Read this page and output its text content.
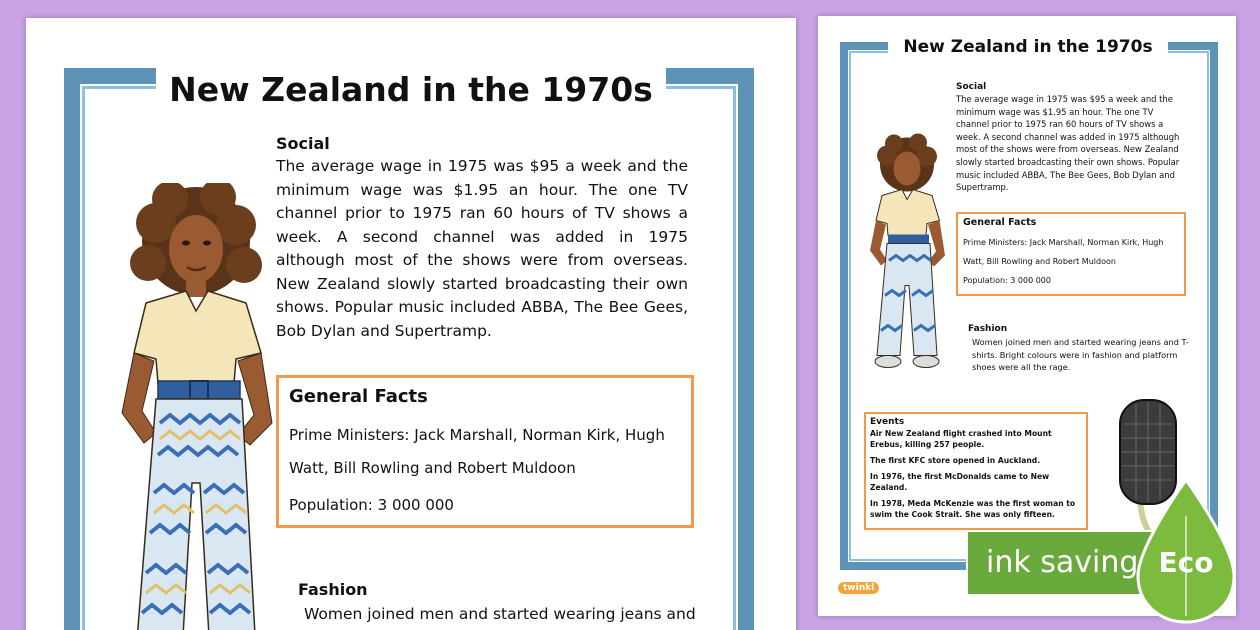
New Zealand in the 1970s
Social
The average wage in 1975 was $95 a week and the minimum wage was $1.95 an hour. The one TV channel prior to 1975 ran 60 hours of TV shows a week. A second channel was added in 1975 although most of the shows were from overseas. New Zealand slowly started broadcasting their own shows. Popular music included ABBA, The Bee Gees, Bob Dylan and Supertramp.
General Facts
Prime Ministers: Jack Marshall, Norman Kirk, Hugh
Watt, Bill Rowling and Robert Muldoon
Population: 3 000 000
Fashion
Women joined men and started wearing jeans and
New Zealand in the 1970s
Social
The average wage in 1975 was $95 a week and the minimum wage was $1.95 an hour. The one TV channel prior to 1975 ran 60 hours of TV shows a week. A second channel was added in 1975 although most of the shows were from overseas. New Zealand slowly started broadcasting their own shows. Popular music included ABBA, The Bee Gees, Bob Dylan and Supertramp.
General Facts
Prime Ministers: Jack Marshall, Norman Kirk, Hugh
Watt, Bill Rowling and Robert Muldoon
Population: 3 000 000
Fashion
Women joined men and started wearing jeans and T-shirts. Bright colours were in fashion and platform shoes were all the rage.
Events
Air New Zealand flight crashed into Mount Erebus, killing 257 people.
The first KFC store opened in Auckland.
In 1976, the first McDonalds came to New Zealand.
In 1978, Meda McKenzie was the first woman to swim the Cook Strait. She was only fifteen.
twinkl
ink saving Eco
